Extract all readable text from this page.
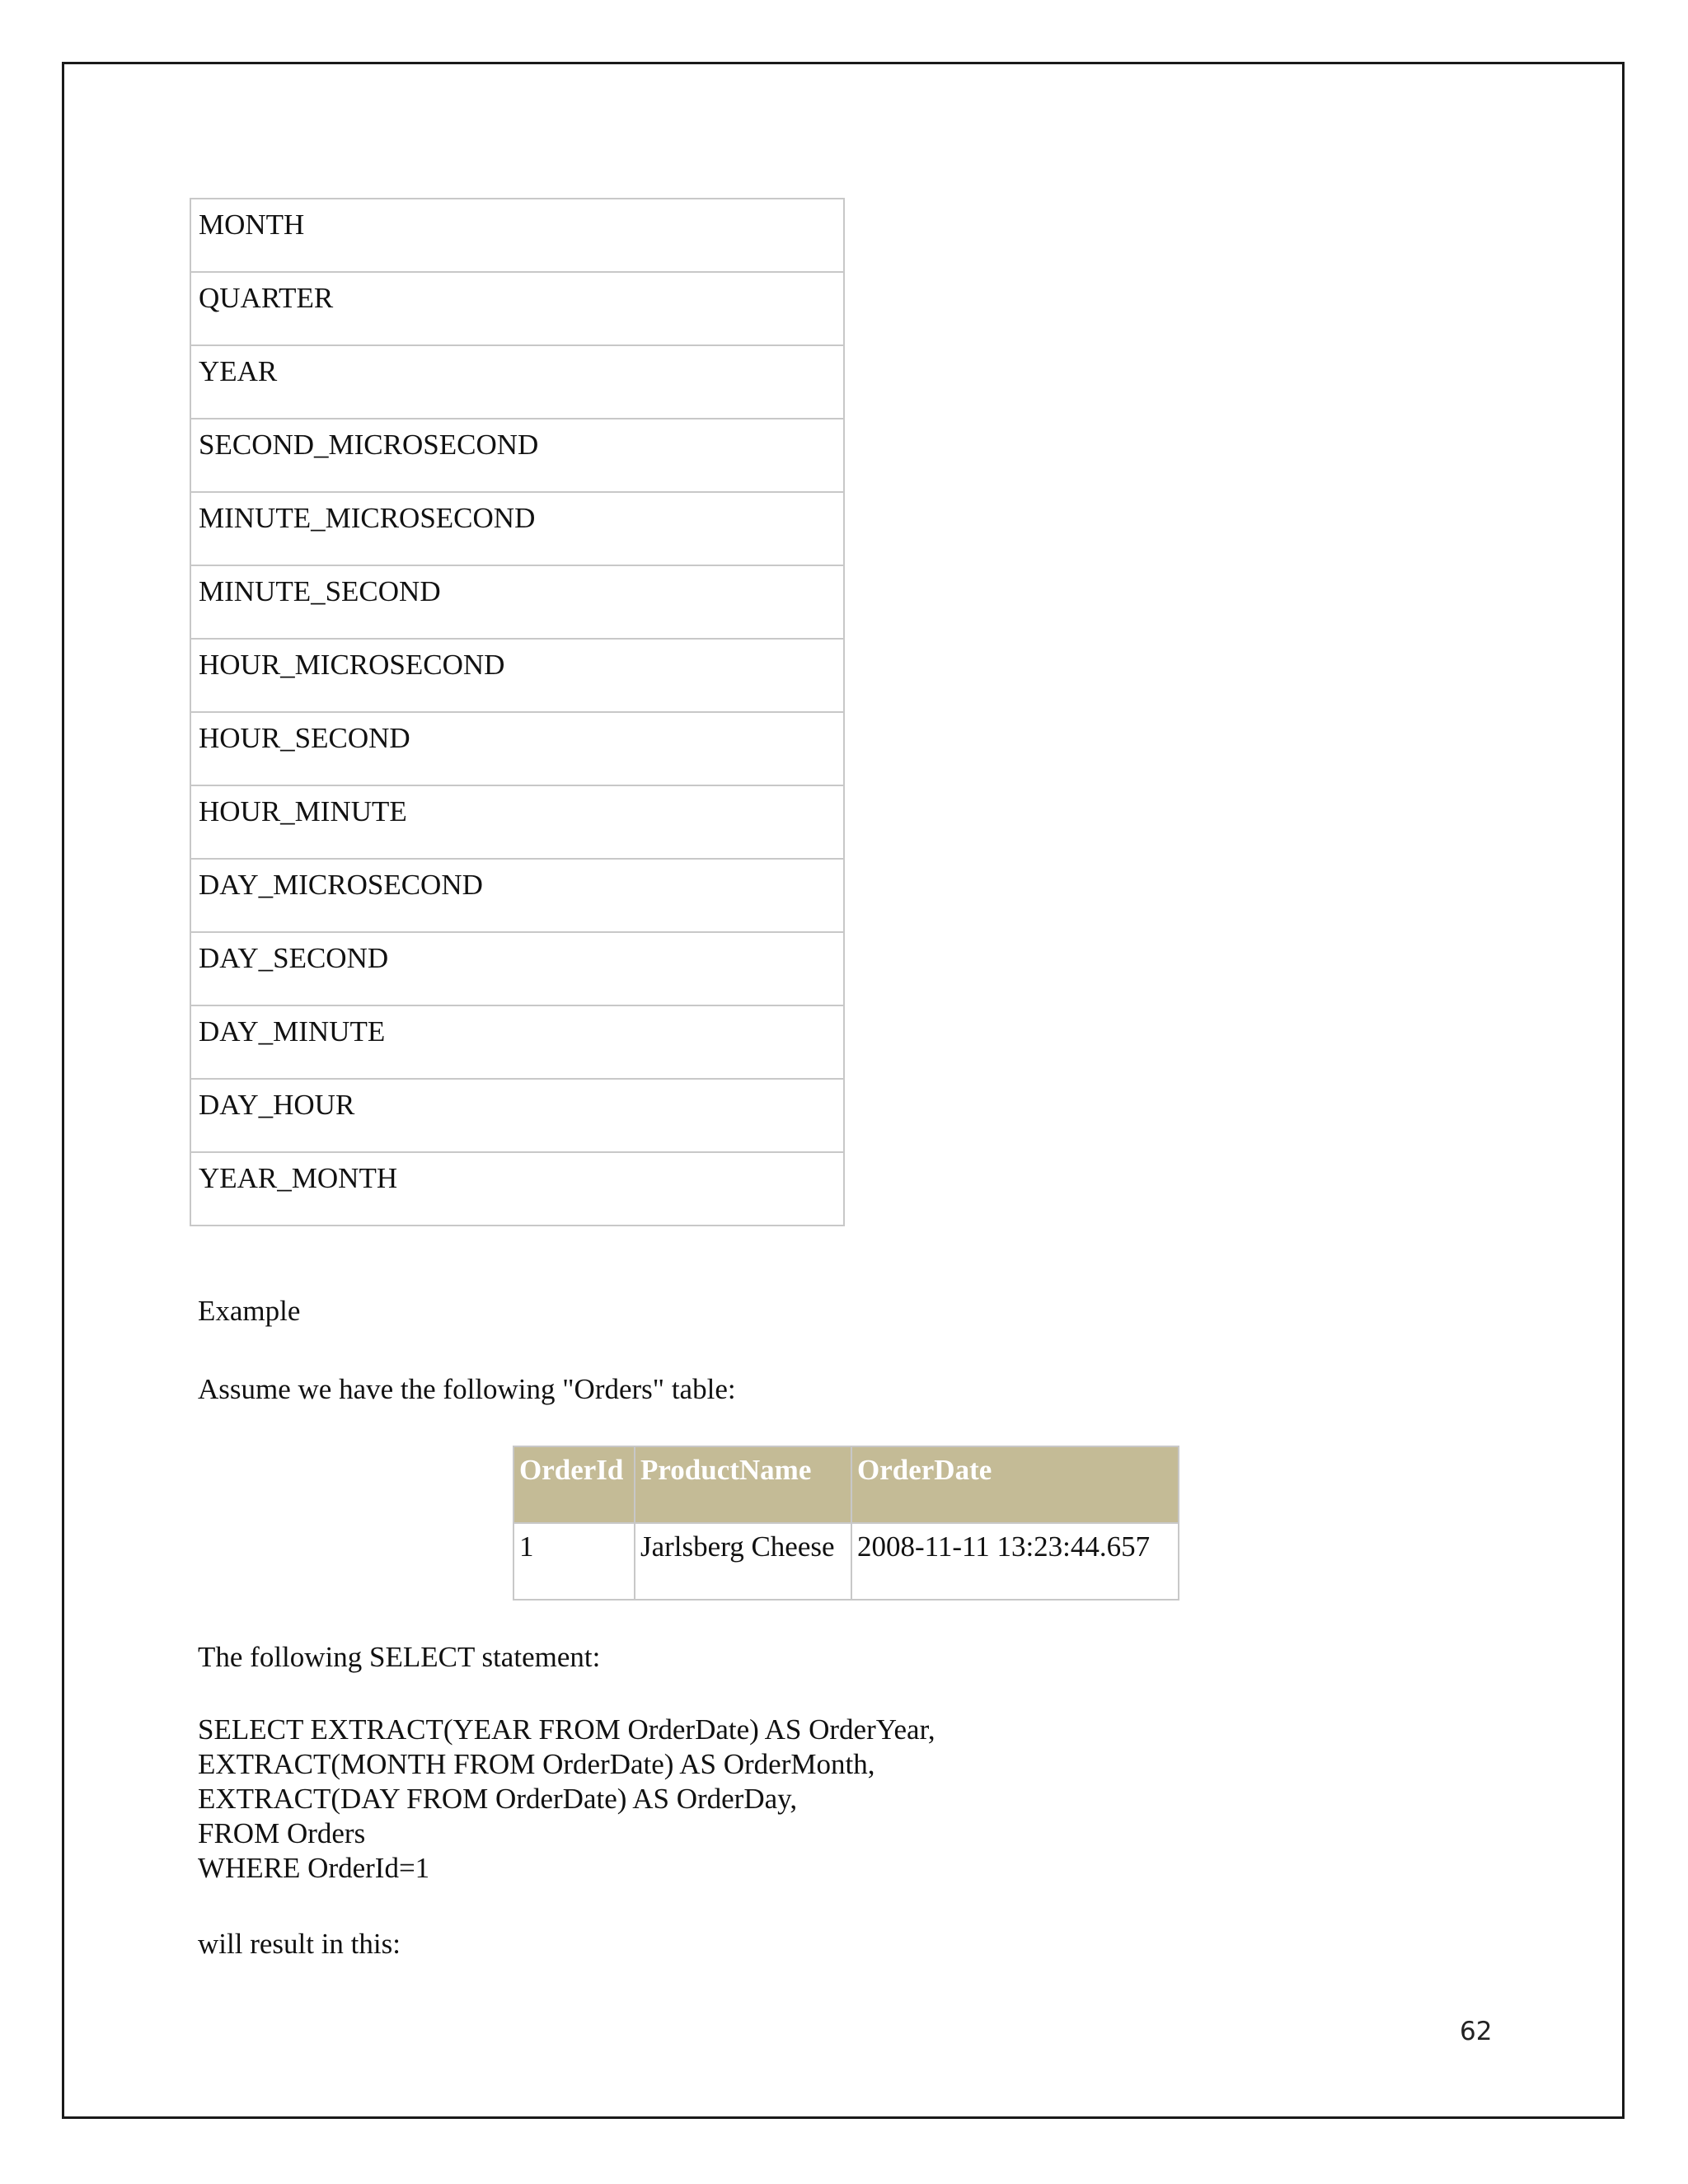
MONTH
QUARTER
YEAR
SECOND_MICROSECOND
MINUTE_MICROSECOND
MINUTE_SECOND
HOUR_MICROSECOND
HOUR_SECOND
HOUR_MINUTE
DAY_MICROSECOND
DAY_SECOND
DAY_MINUTE
DAY_HOUR
YEAR_MONTH

Example

Assume we have the following "Orders" table:

OrderId	ProductName	OrderDate
1	Jarlsberg Cheese	2008-11-11 13:23:44.657

The following SELECT statement:

SELECT EXTRACT(YEAR FROM OrderDate) AS OrderYear,
EXTRACT(MONTH FROM OrderDate) AS OrderMonth,
EXTRACT(DAY FROM OrderDate) AS OrderDay,
FROM Orders
WHERE OrderId=1

will result in this:

62
